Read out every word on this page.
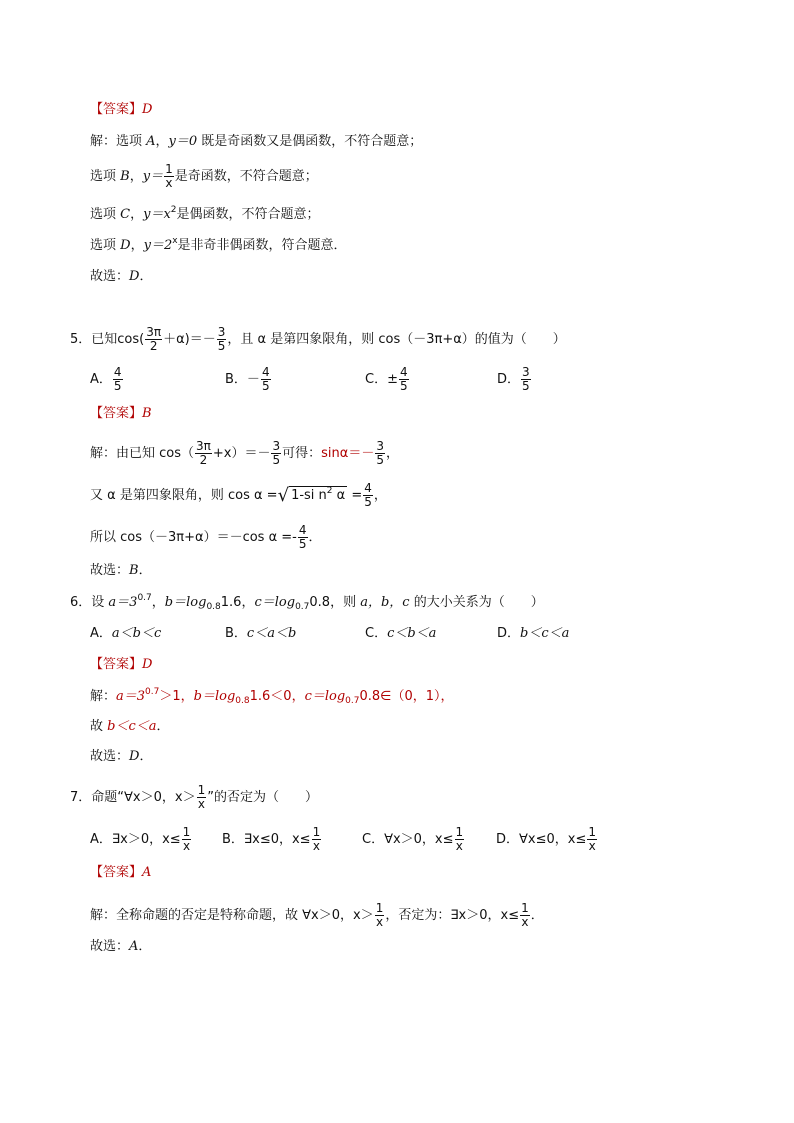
【答案】D
解：选项 A，y＝0 既是奇函数又是偶函数，不符合题意；
选项 B，$y= \frac{1}{x}$ 是奇函数，不符合题意；
选项 C，$y=x^2$是偶函数，不符合题意；
选项 D，$y=2^x$是非奇非偶函数，符合题意．
故选：D．
5．已知$\cos( \frac{3\pi}{2} +\alpha)=- \frac{3}{5}$ ，且 α 是第四象限角，则 cos（－3π+α）的值为（　　）
A． $\frac{4}{5}$	B．－ $\frac{4}{5}$	C．± $\frac{4}{5}$	D． $\frac{3}{5}$
【答案】B
解：由已知 $\cos( \frac{3\pi}{2} +x)=- \frac{3}{5}$ 可得：$\sin\alpha=- \frac{3}{5}$ ，
又 α 是第四象限角，则 cos α =√ 1-si $n^2$ $\alpha = \frac{4}{5}$ ，
所以 cos（－3π+α）＝－cos $\alpha =- \frac{4}{5}$ ．
故选：B．
6．设 $a=3^{0.7}$，$b=\log_{0.8}1.6$，$c=\log_{0.7}0.8$，则 a，b，c 的大小关系为（　　）
A．a＜b＜c	B．c＜a＜b	C．c＜b＜a	D．b＜c＜a
【答案】D
解：$a=3^{0.7}>1$，$b=\log_{0.8}1.6<0$，$c=\log_{0.7}0.8\in(0$，1），
故 b＜c＜a．
故选：D．
7．命题“∀x＞0，$x> \frac{1}{x}$ ”的否定为（　　）
A．∃x＞0，$x\le \frac{1}{x}$ B．∃x≤0，$x\le \frac{1}{x}$	C．∀x＞0，$x\le \frac{1}{x}$ D．∀x≤0，$x\le \frac{1}{x}$
【答案】A
解：全称命题的否定是特称命题，故 ∀x＞0，$x> \frac{1}{x}$ ，否定为：∃x＞0，$x\le \frac{1}{x}$ ．
故选：A．
